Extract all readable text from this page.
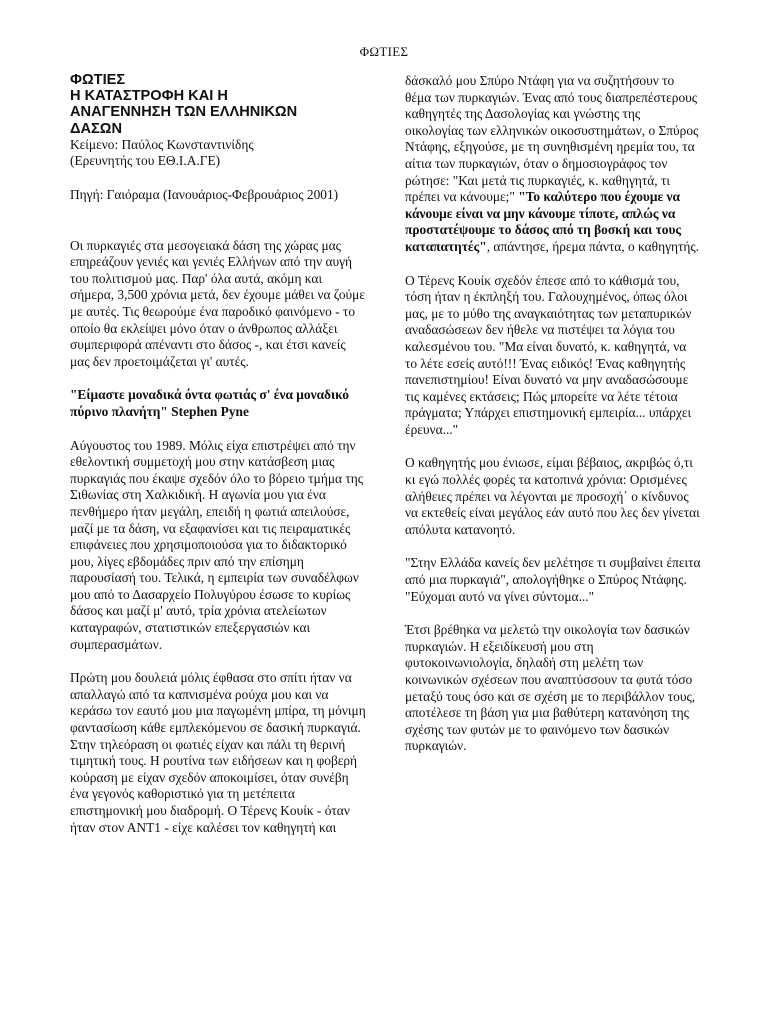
ΦΩΤΙΕΣ
ΦΩΤΙΕΣ
Η ΚΑΤΑΣΤΡΟΦΗ ΚΑΙ Η
ΑΝΑΓΕΝΝΗΣΗ ΤΩΝ ΕΛΛΗΝΙΚΩΝ
ΔΑΣΩΝ

Κείμενο: Παύλος Κωνσταντινίδης

(Ερευνητής του ΕΘ.Ι.Α.ΓΕ)

Πηγή: Γαιόραμα (Ιανουάριος-Φεβρουάριος 2001)

Οι πυρκαγιές στα μεσογειακά δάση της χώρας μας επηρεάζουν γενιές και γενιές Ελλήνων από την αυγή του πολιτισμού μας. Παρ' όλα αυτά, ακόμη και σήμερα, 3,500 χρόνια μετά, δεν έχουμε μάθει να ζούμε με αυτές. Τις θεωρούμε ένα παροδικό φαινόμενο - το οποίο θα εκλείψει μόνο όταν ο άνθρωπος αλλάξει συμπεριφορά απέναντι στο δάσος -, και έτσι κανείς μας δεν προετοιμάζεται γι' αυτές.

"Είμαστε μοναδικά όντα φωτιάς σ' ένα μοναδικό πύρινο πλανήτη" Stephen Pyne

Αύγουστος του 1989. Μόλις είχα επιστρέψει από την εθελοντική συμμετοχή μου στην κατάσβεση μιας πυρκαγιάς που έκαψε σχεδόν όλο το βόρειο τμήμα της Σιθωνίας στη Χαλκιδική. Η αγωνία μου για ένα πενθήμερο ήταν μεγάλη, επειδή η φωτιά απειλούσε, μαζί με τα δάση, να εξαφανίσει και τις πειραματικές επιφάνειες που χρησιμοποιούσα για το διδακτορικό μου, λίγες εβδομάδες πριν από την επίσημη παρουσίασή του. Τελικά, η εμπειρία των συναδέλφων μου από το Δασαρχείο Πολυγύρου έσωσε το κυρίως δάσος και μαζί μ' αυτό, τρία χρόνια ατελείωτων καταγραφών, στατιστικών επεξεργασιών και συμπερασμάτων.

Πρώτη μου δουλειά μόλις έφθασα στο σπίτι ήταν να απαλλαγώ από τα καπνισμένα ρούχα μου και να κεράσω τον εαυτό μου μια παγωμένη μπίρα, τη μόνιμη φαντασίωση κάθε εμπλεκόμενου σε δασική πυρκαγιά. Στην τηλεόραση οι φωτιές είχαν και πάλι τη θερινή τιμητική τους. Η ρουτίνα των ειδήσεων και η φοβερή κούραση με είχαν σχεδόν αποκοιμίσει, όταν συνέβη ένα γεγονός καθοριστικό για τη μετέπειτα επιστημονική μου διαδρομή. Ο Τέρενς Κουίκ - όταν ήταν στον ΑΝΤ1 - είχε καλέσει τον καθηγητή και

δάσκαλό μου Σπύρο Ντάφη για να συζητήσουν το θέμα των πυρκαγιών. Ένας από τους διαπρεπέστερους καθηγητές της Δασολογίας και γνώστης της οικολογίας των ελληνικών οικοσυστημάτων, ο Σπύρος Ντάφης, εξηγούσε, με τη συνηθισμένη ηρεμία του, τα αίτια των πυρκαγιών, όταν ο δημοσιογράφος τον ρώτησε: "Και μετά τις πυρκαγιές, κ. καθηγητά, τι πρέπει να κάνουμε;" "Το καλύτερο που έχουμε να κάνουμε είναι να μην κάνουμε τίποτε, απλώς να προστατέψουμε το δάσος από τη βοσκή και τους καταπατητές", απάντησε, ήρεμα πάντα, ο καθηγητής.

Ο Τέρενς Κουίκ σχεδόν έπεσε από το κάθισμά του, τόση ήταν η έκπληξή του. Γαλουχημένος, όπως όλοι μας, με το μύθο της αναγκαιότητας των μεταπυρικών αναδασώσεων δεν ήθελε να πιστέψει τα λόγια του καλεσμένου του. "Μα είναι δυνατό, κ. καθηγητά, να το λέτε εσείς αυτό!!! Ένας ειδικός! Ένας καθηγητής πανεπιστημίου! Είναι δυνατό να μην αναδασώσουμε τις καμένες εκτάσεις; Πώς μπορείτε να λέτε τέτοια πράγματα; Υπάρχει επιστημονική εμπειρία... υπάρχει έρευνα..."

Ο καθηγητής μου ένιωσε, είμαι βέβαιος, ακριβώς ό,τι κι εγώ πολλές φορές τα κατοπινά χρόνια: Ορισμένες αλήθειες πρέπει να λέγονται με προσοχή΄ ο κίνδυνος να εκτεθείς είναι μεγάλος εάν αυτό που λες δεν γίνεται απόλυτα κατανοητό.

"Στην Ελλάδα κανείς δεν μελέτησε τι συμβαίνει έπειτα από μια πυρκαγιά", απολογήθηκε ο Σπύρος Ντάφης. "Εύχομαι αυτό να γίνει σύντομα..."

Έτσι βρέθηκα να μελετώ την οικολογία των δασικών πυρκαγιών. Η εξειδίκευσή μου στη φυτοκοινωνιολογία, δηλαδή στη μελέτη των κοινωνικών σχέσεων που αναπτύσσουν τα φυτά τόσο μεταξύ τους όσο και σε σχέση με το περιβάλλον τους, αποτέλεσε τη βάση για μια βαθύτερη κατανόηση της σχέσης των φυτών με το φαινόμενο των δασικών πυρκαγιών.
